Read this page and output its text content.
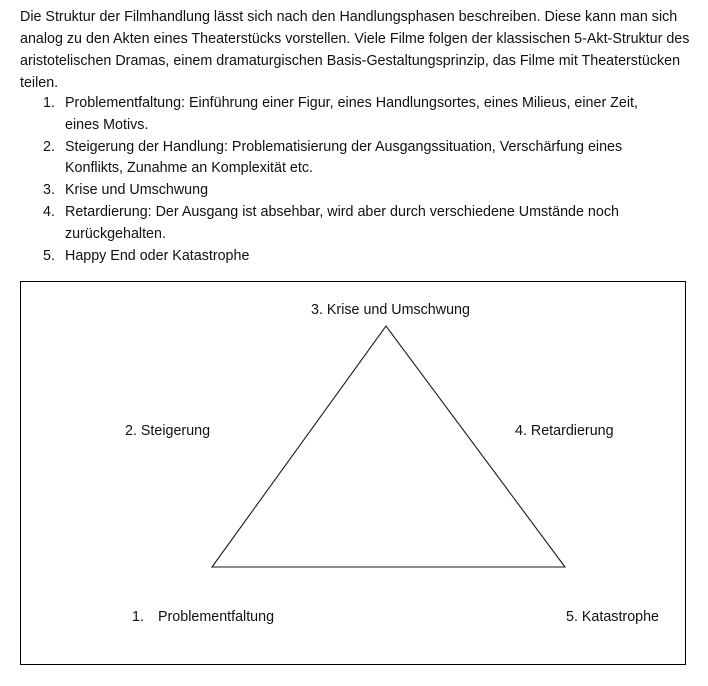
Die Struktur der Filmhandlung lässt sich nach den Handlungsphasen beschreiben. Diese kann man sich analog zu den Akten eines Theaterstücks vorstellen. Viele Filme folgen der klassischen 5-Akt-Struktur des aristotelischen Dramas, einem dramaturgischen Basis-Gestaltungsprinzip, das Filme mit Theaterstücken teilen.
1. Problementfaltung: Einführung einer Figur, eines Handlungsortes, eines Milieus, einer Zeit, eines Motivs.
2. Steigerung der Handlung: Problematisierung der Ausgangssituation, Verschärfung eines Konflikts, Zunahme an Komplexität etc.
3. Krise und Umschwung
4. Retardierung: Der Ausgang ist absehbar, wird aber durch verschiedene Umstände noch zurückgehalten.
5. Happy End oder Katastrophe
3. Krise und Umschwung
2. Steigerung	4. Retardierung
1. Problementfaltung	5. Katastrophe
